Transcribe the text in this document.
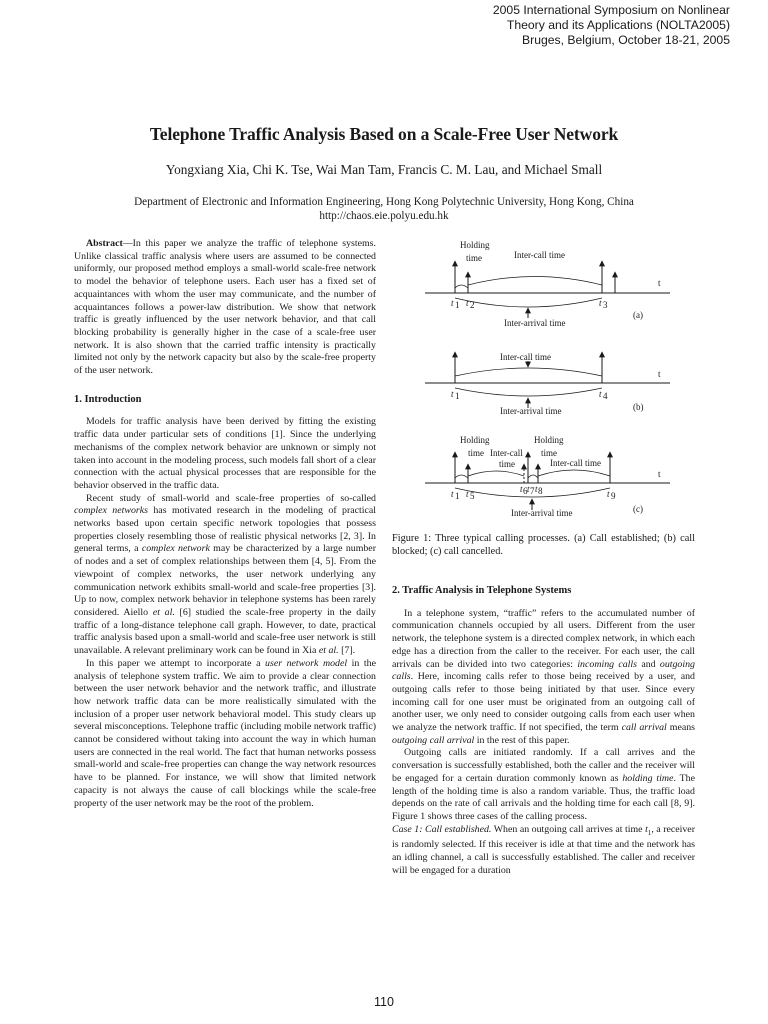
2005 International Symposium on Nonlinear
Theory and its Applications (NOLTA2005)
Bruges, Belgium, October 18-21, 2005
Telephone Traffic Analysis Based on a Scale-Free User Network
Yongxiang Xia, Chi K. Tse, Wai Man Tam, Francis C. M. Lau, and Michael Small
Department of Electronic and Information Engineering, Hong Kong Polytechnic University, Hong Kong, China
http://chaos.eie.polyu.edu.hk

Abstract—In this paper we analyze the traffic of telephone systems. Unlike classical traffic analysis where users are assumed to be connected uniformly, our proposed method employs a small-world scale-free network to model the behavior of telephone users. Each user has a fixed set of acquaintances with whom the user may communicate, and the number of acquaintances follows a power-law distribution. We show that network traffic is greatly influenced by the user network behavior, and that call blocking probability is generally higher in the case of a scale-free user network. It is also shown that the carried traffic intensity is practically limited not only by the network capacity but also by the scale-free property of the user network.

1. Introduction

Models for traffic analysis have been derived by fitting the existing traffic data under particular sets of conditions [1]. Since the underlying mechanisms of the complex network behavior are unknown or simply not taken into account in the modeling process, such models fall short of a clear connection with the actual physical processes that are responsible for the behavior observed in the traffic data.

Recent study of small-world and scale-free properties of so-called complex networks has motivated research in the modeling of practical networks based upon certain specific network topologies that possess properties closely resembling those of realistic physical networks [2, 3]. In general terms, a complex network may be characterized by a large number of nodes and a set of complex relationships between them [4, 5]. From the viewpoint of complex networks, the user network underlying any communication network exhibits small-world and scale-free properties [3]. Up to now, complex network behavior in telephone systems has been rarely considered. Aiello et al. [6] studied the scale-free property in the daily traffic of a long-distance telephone call graph. However, to date, practical traffic analysis based upon a small-world and scale-free user network is still unavailable. A relevant preliminary work can be found in Xia et al. [7].

In this paper we attempt to incorporate a user network model in the analysis of telephone system traffic. We aim to provide a clear connection between the user network behavior and the network traffic, and illustrate how network traffic data can be more realistically simulated with the inclusion of a proper user network behavioral model. This study clears up several misconceptions. Telephone traffic (including mobile network traffic) cannot be considered without taking into account the way in which human users are connected in the real world. The fact that human networks possess small-world and scale-free properties can change the way network resources have to be planned. For instance, we will show that limited network capacity is not always the cause of call blockings while the scale-free property of the user network may be the root of the problem.

Holding
time	Inter-call time
t
t 1 t 2	t 3
Inter-arrival time
(a)
Inter-call time
t
t 1	t 4
Inter-arrival time	(b)
Holding
time Inter-call
time
Holding
time
Inter-call time
t
t 1 t 5
t 6 t 7 t 8	t 9
Inter-arrival time	(c)
Figure 1: Three typical calling processes. (a) Call established; (b) call blocked; (c) call cancelled.
2. Traffic Analysis in Telephone Systems

In a telephone system, “traffic” refers to the accumulated number of communication channels occupied by all users. Different from the user network, the telephone system is a directed complex network, in which each edge has a direction from the caller to the receiver. For each user, the call arrivals can be divided into two categories: incoming calls and outgoing calls. Here, incoming calls refer to those being received by a user, and outgoing calls refer to those being initiated by that user. Since every incoming call for one user must be originated from an outgoing call of another user, we only need to consider outgoing calls from each user when we analyze the network traffic. If not specified, the term call arrival means outgoing call arrival in the rest of this paper.

Outgoing calls are initiated randomly. If a call arrives and the conversation is successfully established, both the caller and the receiver will be engaged for a certain duration commonly known as holding time. The length of the holding time is also a random variable. Thus, the traffic load depends on the rate of call arrivals and the holding time for each call [8, 9]. Figure 1 shows three cases of the calling process.

Case 1: Call established. When an outgoing call arrives at time $t_1$, a receiver is randomly selected. If this receiver is idle at that time and the network has an idling channel, a call is successfully established. The caller and receiver will be engaged for a duration

110
